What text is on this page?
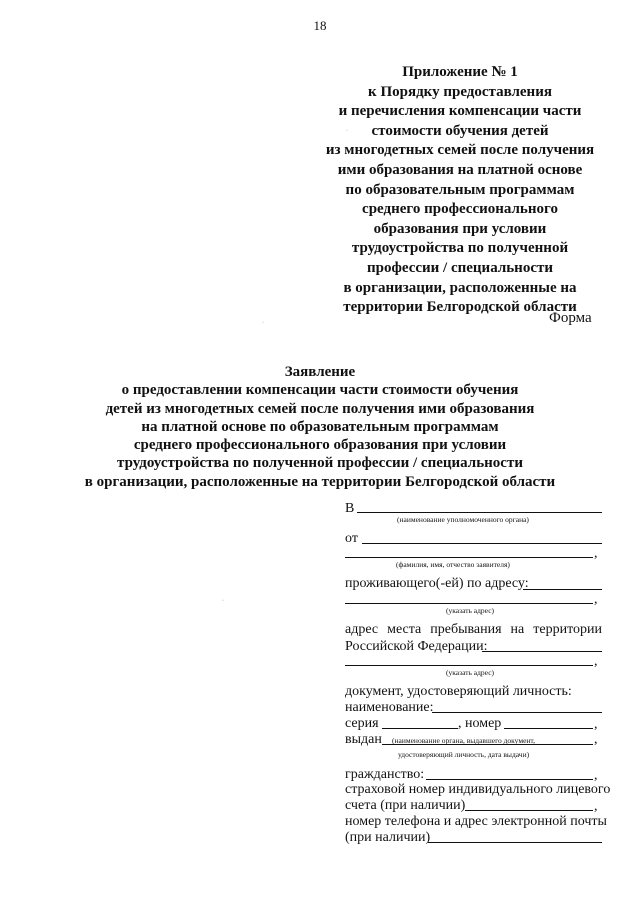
18
Приложение № 1
к Порядку предоставления
и перечисления компенсации части
стоимости обучения детей
из многодетных семей после получения
ими образования на платной основе
по образовательным программам
среднего профессионального
образования при условии
трудоустройства по полученной
профессии / специальности
в организации, расположенные на
территории Белгородской области
Форма
Заявление
о предоставлении компенсации части стоимости обучения
детей из многодетных семей после получения ими образования
на платной основе по образовательным программам
среднего профессионального образования при условии
трудоустройства по полученной профессии / специальности
в организации, расположенные на территории Белгородской области
·
·
·
В
(наименование уполномоченного органа)
от
,
(фамилия, имя, отчество заявителя)
проживающего(-ей) по адресу:
,
(указать адрес)
адрес места пребывания на территории
Российской Федерации:
,
(указать адрес)
документ, удостоверяющий личность:
наименование:
серия	, номер	,
выдан	,
(наименование органа, выдавшего документ,
удостоверяющий личность, дата выдачи)
гражданство:	,
страховой номер индивидуального лицевого
счета (при наличии)	,
номер телефона и адрес электронной почты
(при наличии)
